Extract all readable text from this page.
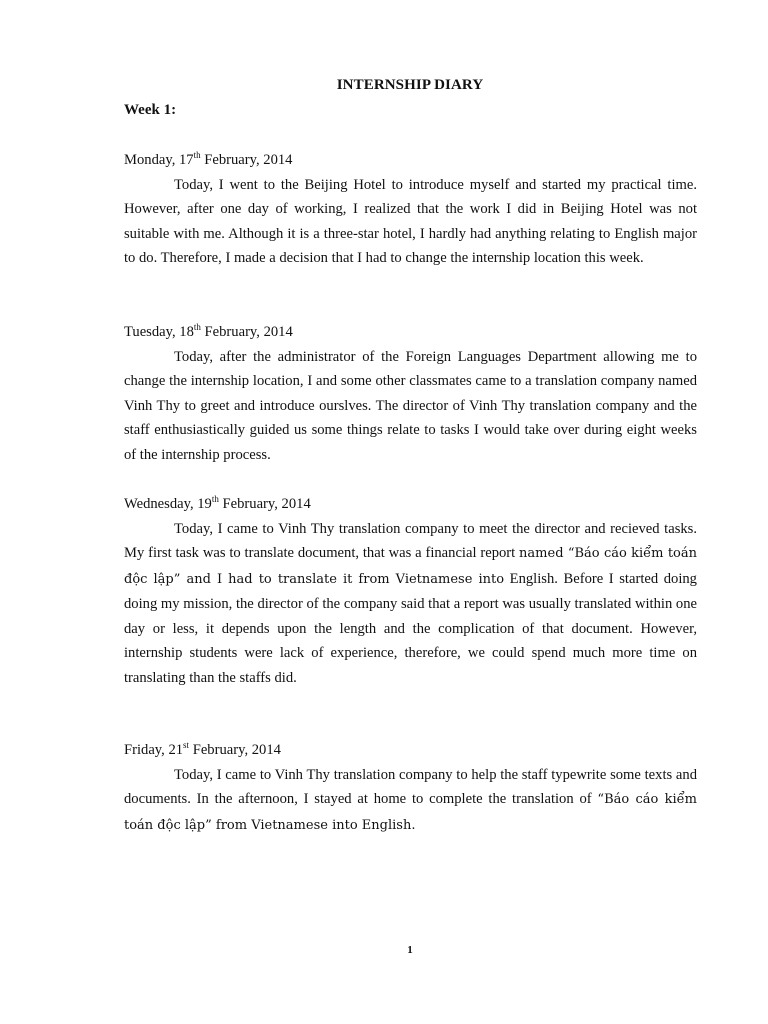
INTERNSHIP DIARY
Week 1:
Monday, 17th February, 2014

Today, I went to the Beijing Hotel to introduce myself and started my practical time. However, after one day of working, I realized that the work I did in Beijing Hotel was not suitable with me. Although it is a three-star hotel, I hardly had anything relating to English major to do. Therefore, I made a decision that I had to change the internship location this week.

Tuesday, 18th February, 2014

Today, after the administrator of the Foreign Languages Department allowing me to change the internship location, I and some other classmates came to a translation company named Vinh Thy to greet and introduce ourslves. The director of Vinh Thy translation company and the staff enthusiastically guided us some things relate to tasks I would take over during eight weeks of the internship process.

Wednesday, 19th February, 2014

Today, I came to Vinh Thy translation company to meet the director and recieved tasks. My first task was to translate document, that was a financial report named “Báo cáo kiểm toán độc lập” and I had to translate it from Vietnamese into English. Before I started doing doing my mission, the director of the company said that a report was usually translated within one day or less, it depends upon the length and the complication of that document. However, internship students were lack of experience, therefore, we could spend much more time on translating than the staffs did.

Friday, 21st February, 2014

Today, I came to Vinh Thy translation company to help the staff typewrite some texts and documents. In the afternoon, I stayed at home to complete the translation of “Báo cáo kiểm toán độc lập” from Vietnamese into English.

1
